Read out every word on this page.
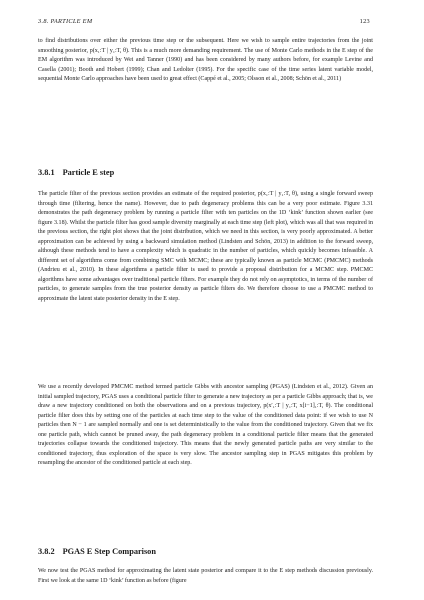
3.8. PARTICLE EM	123

to find distributions over either the previous time step or the subsequent. Here we wish to sample entire trajectories from the joint smoothing posterior, p(x₁:T | y₁:T, θ). This is a much more demanding requirement. The use of Monte Carlo methods in the E step of the EM algorithm was introduced by Wei and Tanner (1990) and has been considered by many authors before, for example Levine and Casella (2001); Booth and Hobert (1999); Chan and Ledolter (1995). For the specific case of the time series latent variable model, sequential Monte Carlo approaches have been used to great effect (Cappé et al., 2005; Olsson et al., 2008; Schön et al., 2011)

3.8.1 Particle E step

The particle filter of the previous section provides an estimate of the required posterior, p(x₁:T | y₁:T, θ), using a single forward sweep through time (filtering, hence the name). However, due to path degeneracy problems this can be a very poor estimate. Figure 3.31 demonstrates the path degeneracy problem by running a particle filter with ten particles on the 1D ‘kink’ function shown earlier (see figure 3.18). Whilst the particle filter has good sample diversity marginally at each time step (left plot), which was all that was required in the previous section, the right plot shows that the joint distribution, which we need in this section, is very poorly approximated. A better approximation can be achieved by using a backward simulation method (Lindsten and Schön, 2013) in addition to the forward sweep, although these methods tend to have a complexity which is quadratic in the number of particles, which quickly becomes infeasible. A different set of algorithms come from combining SMC with MCMC; these are typically known as particle MCMC (PMCMC) methods (Andrieu et al., 2010). In these algorithms a particle filter is used to provide a proposal distribution for a MCMC step. PMCMC algorithms have some advantages over traditional particle filters. For example they do not rely on asymptotics, in terms of the number of particles, to generate samples from the true posterior density as particle filters do. We therefore choose to use a PMCMC method to approximate the latent state posterior density in the E step.

We use a recently developed PMCMC method termed particle Gibbs with ancestor sampling (PGAS) (Lindsten et al., 2012). Given an initial sampled trajectory, PGAS uses a conditional particle filter to generate a new trajectory as per a particle Gibbs approach; that is, we draw a new trajectory conditioned on both the observations and on a previous trajectory, p(x′₁:T | y₁:T, x[i−1]₁:T, θ). The conditional particle filter does this by setting one of the particles at each time step to the value of the conditioned data point: if we wish to use N particles then N − 1 are sampled normally and one is set deterministically to the value from the conditioned trajectory. Given that we fix one particle path, which cannot be pruned away, the path degeneracy problem in a conditional particle filter means that the generated trajectories collapse towards the conditioned trajectory. This means that the newly generated particle paths are very similar to the conditioned trajectory, thus exploration of the space is very slow. The ancestor sampling step in PGAS mitigates this problem by resampling the ancestor of the conditioned particle at each step.

3.8.2 PGAS E Step Comparison

We now test the PGAS method for approximating the latent state posterior and compare it to the E step methods discussion previously. First we look at the same 1D ‘kink’ function as before (figure
